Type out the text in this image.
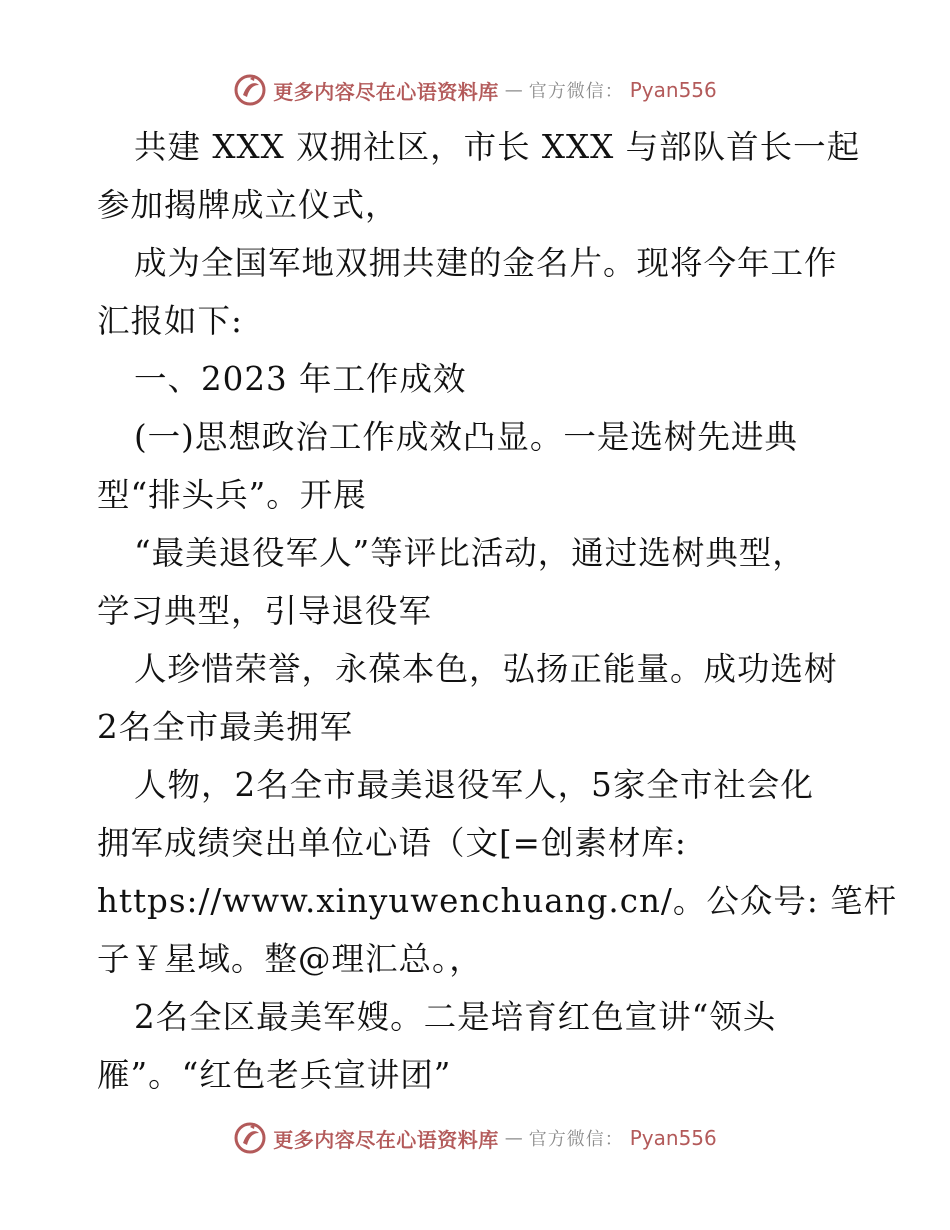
更多内容尽在心语资料库 — 官方微信： Pyan556

共建 XXX 双拥社区，市长 XXX 与部队首长一起

参加揭牌成立仪式，

成为全国军地双拥共建的金名片。现将今年工作

汇报如下:

一、2023 年工作成效

(一)思想政治工作成效凸显。一是选树先进典

型“排头兵”。开展

“最美退役军人”等评比活动，通过选树典型，

学习典型，引导退役军

人珍惜荣誉，永葆本色，弘扬正能量。成功选树

2名全市最美拥军

人物，2名全市最美退役军人，5家全市社会化

拥军成绩突出单位心语（文[=创素材库:

https://www.xinyuwenchuang.cn/。公众号: 笔杆

子￥星域。整@理汇总。，

2名全区最美军嫂。二是培育红色宣讲“领头

雁”。“红色老兵宣讲团”

更多内容尽在心语资料库 — 官方微信： Pyan556
